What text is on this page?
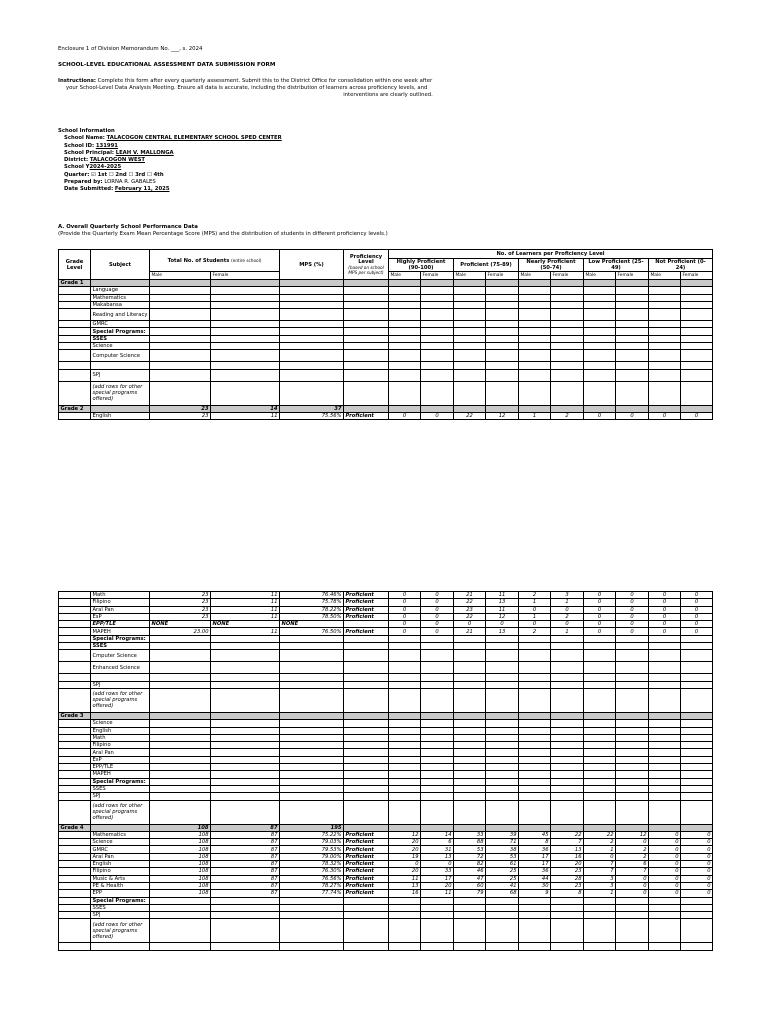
Enclosure 1 of Division Memorandum No. ___, s. 2024
SCHOOL-LEVEL EDUCATIONAL ASSESSMENT DATA SUBMISSION FORM
Instructions: Complete this form after every quarterly assessment. Submit this to the District Office for consolidation within one week after
your School-Level Data Analysis Meeting. Ensure all data is accurate, including the distribution of learners across proficiency levels, and
interventions are clearly outlined.
School Information
School Name: TALACOGON CENTRAL ELEMENTARY SCHOOL SPED CENTER
School ID: 131991
School Principal: LEAH V. MALLONGA
District: TALACOGON WEST
School Y2024-2025
Quarter: ☑ 1st ☐ 2nd ☐ 3rd ☐ 4th
Prepared by: LORNA R. GABALES
Date Submitted: February 11, 2025
A. Overall Quarterly School Performance Data
(Provide the Quarterly Exam Mean Percentage Score (MPS) and the distribution of students in different proficiency levels.)
Grade Level	Subject	Total No. of Students (entire school)		MPS (%)	Proficiency Level
(based on school MPS per subject)	No. of Learners per Proficiency Level									
						Highly Proficient (90-100)		Proficient (75-89)		Nearly Proficient (50-74)		Low Proficient (25-49)		Not Proficient (0-24)	
		Male	Female			Male	Female	Male	Female	Male	Female	Male	Female	Male	Female
Grade 1															
	Language														
	Mathematics														
	Makabansa														
	Reading and Literacy														
	GMRC														
	Special Programs:														
	SSES														
	Science														
	Computer Science														

	SPJ														
	(add rows for other special programs offered)														
Grade 2		23	14	37											
	English	23	11	75.56%	Proficient	0	0	22	12	1	2	0	0	0	0
	Math	23	11	76.46%	Proficient	0	0	21	11	2	3	0	0	0	0
	Filipino	23	11	75.78%	Proficient	0	0	22	13	1	1	0	0	0	0
	Aral Pan	23	11	78.22%	Proficient	0	0	23	11	0	0	0	0	0	0
	EsP	23	11	78.50%	Proficient	0	0	22	12	1	2	0	0	0	0
	EPP/TLE	NONE	NONE	NONE		0	0	0	0	0	0	0	0	0	0
	MAPEH	23.00	11	76.50%	Proficient	0	0	21	13	2	1	0	0	0	0
	Special Programs:														
	SSES														
	Cmputer Science														
	Enhanced Science														

	SPJ														
	(add rows for other special programs offered)														
Grade 3															
	Science														
	English														
	Math														
	Filipino														
	Aral Pan														
	EsP														
	EPP/TLE														
	MAPEH														
	Special Programs:														
	SSES														
	SPJ														
	(add rows for other special programs offered)														
Grade 4		108	87	195											
	Mathematics	108	87	75.22%	Proficient	12	14	33	39	45	22	22	12	0	0
	Science	108	87	79.03%	Proficient	20	6	88	71	8	7	2	0	0	0
	GMRC	108	87	79.53%	Proficient	20	31	53	38	36	13	1	2	0	0
	Aral Pan	108	87	79.00%	Proficient	19	13	72	53	17	16	0	2	0	0
	English	108	87	78.32%	Proficient	0	0	82	61	17	20	7	6	0	0
	Filipino	108	87	76.30%	Proficient	20	33	46	25	36	23	7	7	0	0
	Music & Arts	108	87	76.56%	Proficient	11	17	47	25	44	28	3	0	0	0
	PE & Health	108	87	78.27%	Proficient	13	20	60	41	30	23	3	0	0	0
	EPP	108	87	77.74%	Proficient	16	11	79	68	9	8	1	0	0	0
	Special Programs:														
	SSES														
	SPJ														
	(add rows for other special programs offered)														
